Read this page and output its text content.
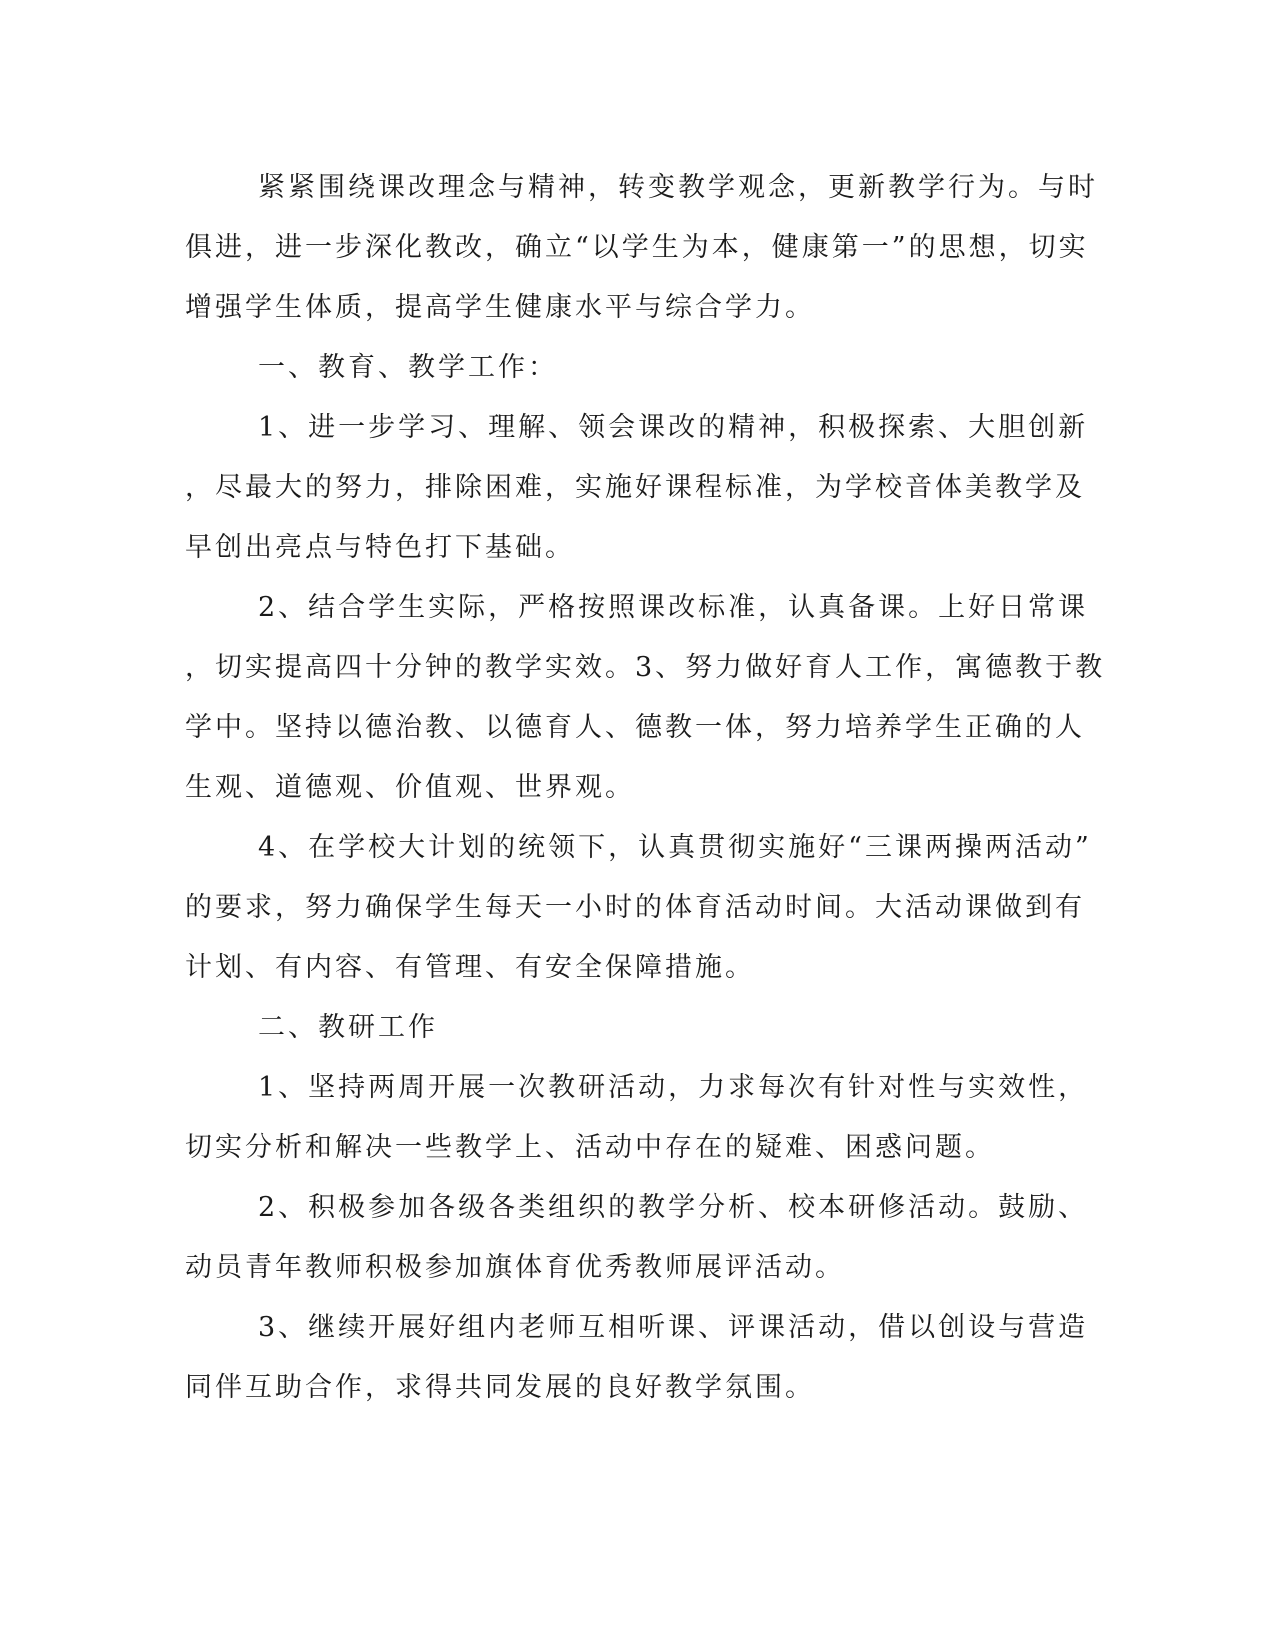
紧紧围绕课改理念与精神，转变教学观念，更新教学行为。与时
俱进，进一步深化教改，确立“以学生为本，健康第一”的思想，切实
增强学生体质，提高学生健康水平与综合学力。
一、教育、教学工作：
1、进一步学习、理解、领会课改的精神，积极探索、大胆创新
，尽最大的努力，排除困难，实施好课程标准，为学校音体美教学及
早创出亮点与特色打下基础。
2、结合学生实际，严格按照课改标准，认真备课。上好日常课
，切实提高四十分钟的教学实效。3、努力做好育人工作，寓德教于教
学中。坚持以德治教、以德育人、德教一体，努力培养学生正确的人
生观、道德观、价值观、世界观。
4、在学校大计划的统领下，认真贯彻实施好“三课两操两活动”
的要求，努力确保学生每天一小时的体育活动时间。大活动课做到有
计划、有内容、有管理、有安全保障措施。
二、教研工作
1、坚持两周开展一次教研活动，力求每次有针对性与实效性，
切实分析和解决一些教学上、活动中存在的疑难、困惑问题。
2、积极参加各级各类组织的教学分析、校本研修活动。鼓励、
动员青年教师积极参加旗体育优秀教师展评活动。
3、继续开展好组内老师互相听课、评课活动，借以创设与营造
同伴互助合作，求得共同发展的良好教学氛围。
